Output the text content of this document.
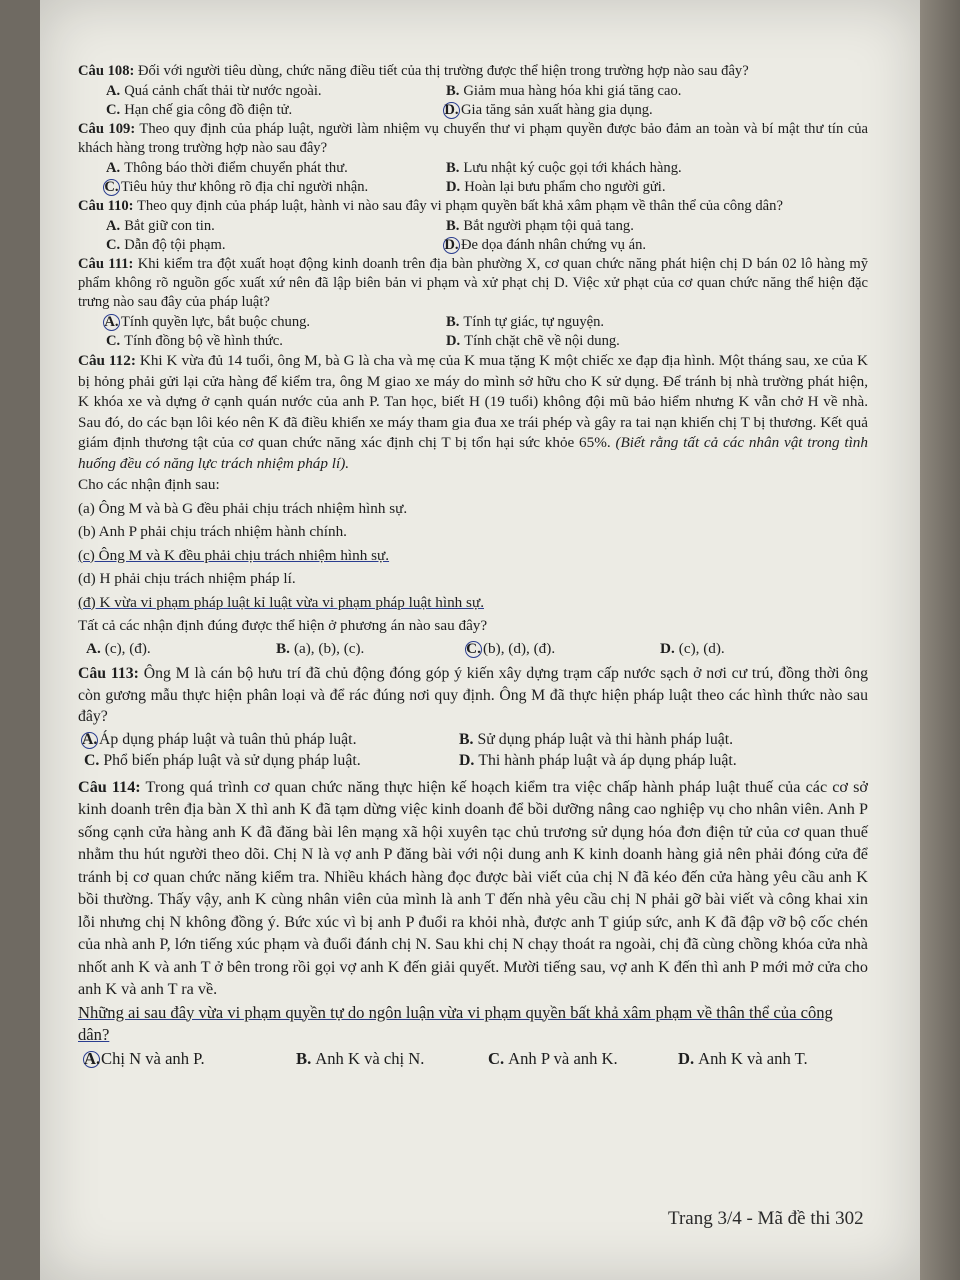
Câu 108: Đối với người tiêu dùng, chức năng điều tiết của thị trường được thể hiện trong trường hợp nào sau đây?
A. Quá cảnh chất thải từ nước ngoài.	B. Giảm mua hàng hóa khi giá tăng cao.
C. Hạn chế gia công đồ điện tử.	D. Gia tăng sản xuất hàng gia dụng.
Câu 109: Theo quy định của pháp luật, người làm nhiệm vụ chuyển thư vi phạm quyền được bảo đảm an toàn và bí mật thư tín của khách hàng trong trường hợp nào sau đây?
A. Thông báo thời điểm chuyển phát thư.	B. Lưu nhật ký cuộc gọi tới khách hàng.
C. Tiêu hủy thư không rõ địa chỉ người nhận.	D. Hoàn lại bưu phẩm cho người gửi.
Câu 110: Theo quy định của pháp luật, hành vi nào sau đây vi phạm quyền bất khả xâm phạm về thân thể của công dân?
A. Bắt giữ con tin.	B. Bắt người phạm tội quả tang.
C. Dẫn độ tội phạm.	D. Đe dọa đánh nhân chứng vụ án.
Câu 111: Khi kiểm tra đột xuất hoạt động kinh doanh trên địa bàn phường X, cơ quan chức năng phát hiện chị D bán 02 lô hàng mỹ phẩm không rõ nguồn gốc xuất xứ nên đã lập biên bản vi phạm và xử phạt chị D. Việc xử phạt của cơ quan chức năng thể hiện đặc trưng nào sau đây của pháp luật?
A. Tính quyền lực, bắt buộc chung.	B. Tính tự giác, tự nguyện.
C. Tính đồng bộ về hình thức.	D. Tính chặt chẽ về nội dung.
Câu 112: Khi K vừa đủ 14 tuổi, ông M, bà G là cha và mẹ của K mua tặng K một chiếc xe đạp địa hình. Một tháng sau, xe của K bị hỏng phải gửi lại cửa hàng để kiểm tra, ông M giao xe máy do mình sở hữu cho K sử dụng. Để tránh bị nhà trường phát hiện, K khóa xe và dựng ở cạnh quán nước của anh P. Tan học, biết H (19 tuổi) không đội mũ bảo hiểm nhưng K vẫn chở H về nhà. Sau đó, do các bạn lôi kéo nên K đã điều khiển xe máy tham gia đua xe trái phép và gây ra tai nạn khiến chị T bị thương. Kết quả giám định thương tật của cơ quan chức năng xác định chị T bị tổn hại sức khỏe 65%. (Biết rằng tất cả các nhân vật trong tình huống đều có năng lực trách nhiệm pháp lí).
Cho các nhận định sau:
(a) Ông M và bà G đều phải chịu trách nhiệm hình sự.
(b) Anh P phải chịu trách nhiệm hành chính.
(c) Ông M và K đều phải chịu trách nhiệm hình sự.
(d) H phải chịu trách nhiệm pháp lí.
(đ) K vừa vi phạm pháp luật kỉ luật vừa vi phạm pháp luật hình sự.
Tất cả các nhận định đúng được thể hiện ở phương án nào sau đây?
A. (c), (đ).	B. (a), (b), (c).	C. (b), (d), (đ).	D. (c), (d).
Câu 113: Ông M là cán bộ hưu trí đã chủ động đóng góp ý kiến xây dựng trạm cấp nước sạch ở nơi cư trú, đồng thời ông còn gương mẫu thực hiện phân loại và để rác đúng nơi quy định. Ông M đã thực hiện pháp luật theo các hình thức nào sau đây?
A. Áp dụng pháp luật và tuân thủ pháp luật.	B. Sử dụng pháp luật và thi hành pháp luật.
C. Phổ biến pháp luật và sử dụng pháp luật.	D. Thi hành pháp luật và áp dụng pháp luật.
Câu 114: Trong quá trình cơ quan chức năng thực hiện kế hoạch kiểm tra việc chấp hành pháp luật thuế của các cơ sở kinh doanh trên địa bàn X thì anh K đã tạm dừng việc kinh doanh để bồi dưỡng nâng cao nghiệp vụ cho nhân viên. Anh P sống cạnh cửa hàng anh K đã đăng bài lên mạng xã hội xuyên tạc chủ trương sử dụng hóa đơn điện tử của cơ quan thuế nhằm thu hút người theo dõi. Chị N là vợ anh P đăng bài với nội dung anh K kinh doanh hàng giả nên phải đóng cửa để tránh bị cơ quan chức năng kiểm tra. Nhiều khách hàng đọc được bài viết của chị N đã kéo đến cửa hàng yêu cầu anh K bồi thường. Thấy vậy, anh K cùng nhân viên của mình là anh T đến nhà yêu cầu chị N phải gỡ bài viết và công khai xin lỗi nhưng chị N không đồng ý. Bức xúc vì bị anh P đuổi ra khỏi nhà, được anh T giúp sức, anh K đã đập vỡ bộ cốc chén của nhà anh P, lớn tiếng xúc phạm và đuổi đánh chị N. Sau khi chị N chạy thoát ra ngoài, chị đã cùng chồng khóa cửa nhà nhốt anh K và anh T ở bên trong rồi gọi vợ anh K đến giải quyết. Mười tiếng sau, vợ anh K đến thì anh P mới mở cửa cho anh K và anh T ra về.
Những ai sau đây vừa vi phạm quyền tự do ngôn luận vừa vi phạm quyền bất khả xâm phạm về thân thể của công dân?
A.Chị N và anh P.	B. Anh K và chị N.	C. Anh P và anh K.	D. Anh K và anh T.
Trang 3/4 - Mã đề thi 302
